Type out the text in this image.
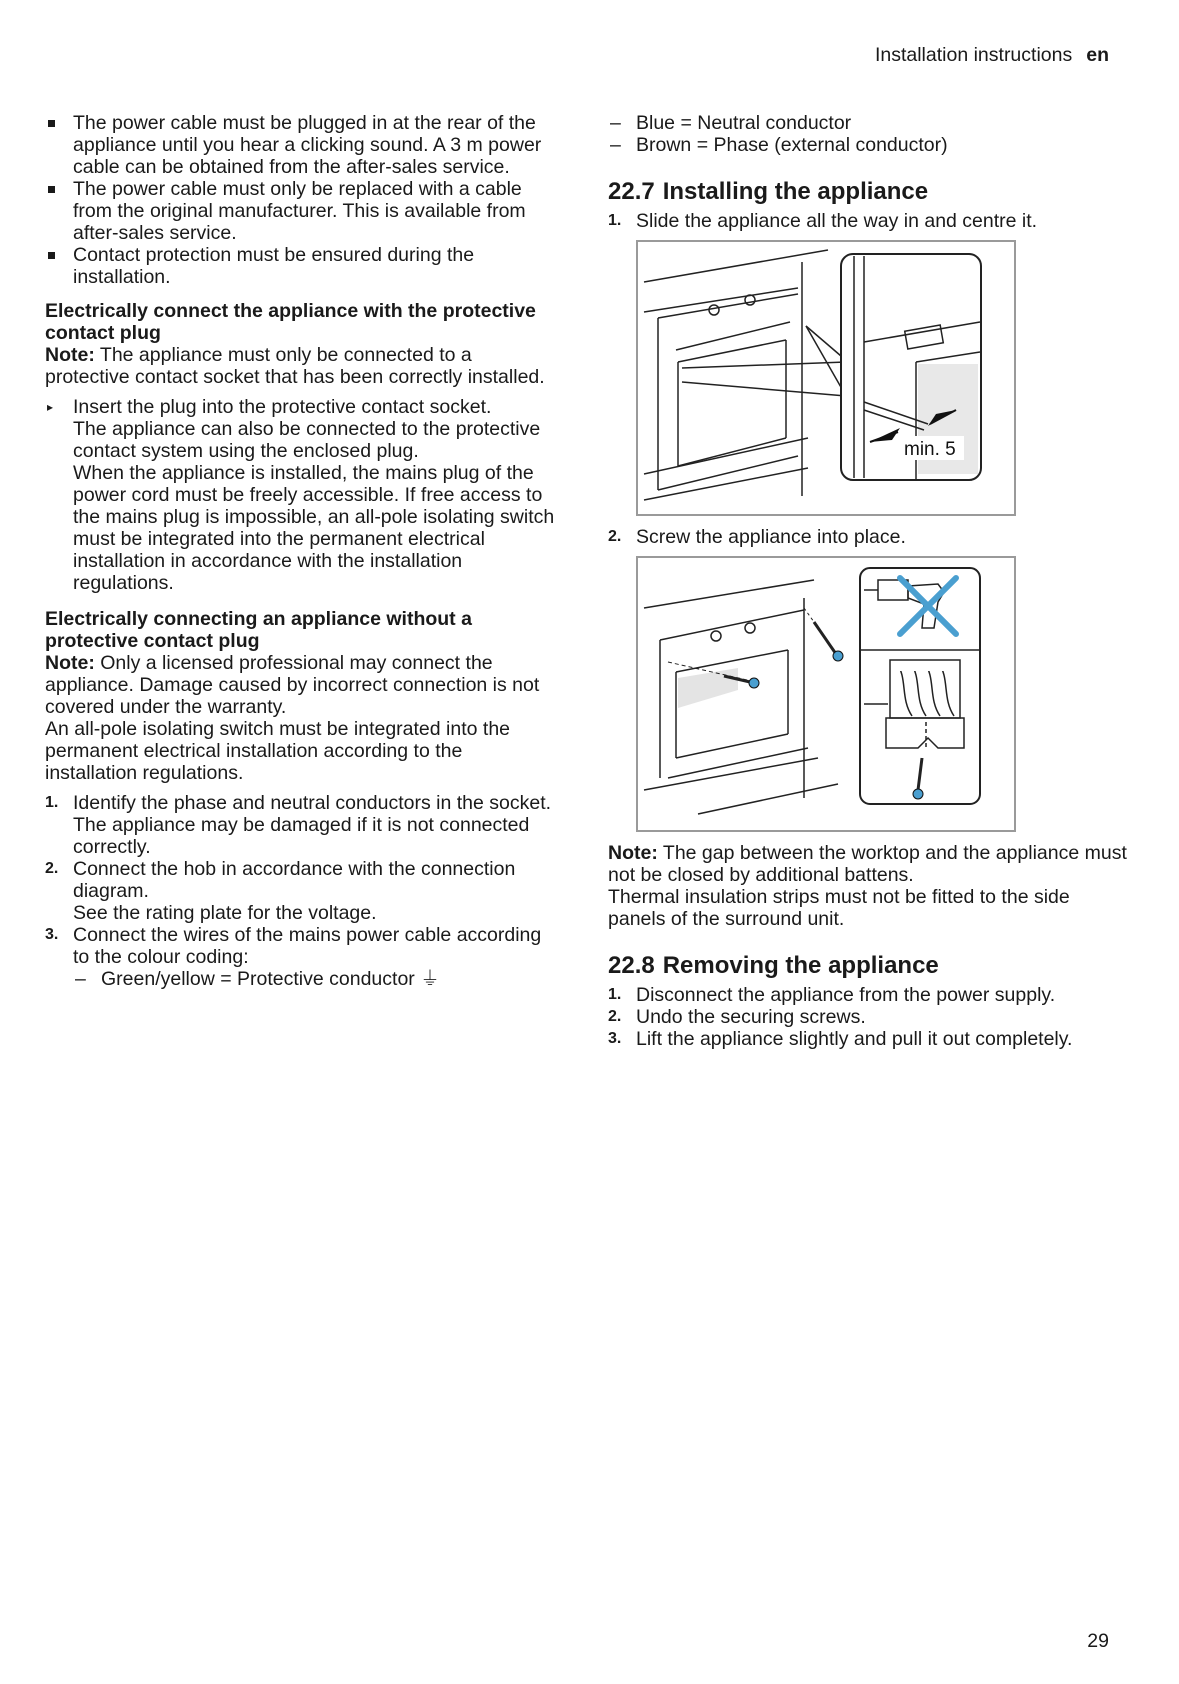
Installation instructions en
The power cable must be plugged in at the rear of the appliance until you hear a clicking sound. A 3 m power cable can be obtained from the after-sales service.
The power cable must only be replaced with a cable from the original manufacturer. This is available from after-sales service.
Contact protection must be ensured during the installation.
Electrically connect the appliance with the protective contact plug
Note: The appliance must only be connected to a protective contact socket that has been correctly installed.
▸ Insert the plug into the protective contact socket.
The appliance can also be connected to the protective contact system using the enclosed plug.
When the appliance is installed, the mains plug of the power cord must be freely accessible. If free access to the mains plug is impossible, an all-pole isolating switch must be integrated into the permanent electrical installation in accordance with the installation regulations.
Electrically connecting an appliance without a protective contact plug
Note: Only a licensed professional may connect the appliance. Damage caused by incorrect connection is not covered under the warranty.
An all-pole isolating switch must be integrated into the permanent electrical installation according to the installation regulations.
1. Identify the phase and neutral conductors in the socket.
The appliance may be damaged if it is not connected correctly.
2. Connect the hob in accordance with the connection diagram.
See the rating plate for the voltage.
3. Connect the wires of the mains power cable according to the colour coding:
– Green/yellow = Protective conductor ⏚
– Blue = Neutral conductor
– Brown = Phase (external conductor)
22.7 Installing the appliance
1. Slide the appliance all the way in and centre it.
min. 5
2. Screw the appliance into place.
Note: The gap between the worktop and the appliance must not be closed by additional battens.
Thermal insulation strips must not be fitted to the side panels of the surround unit.
22.8 Removing the appliance
1. Disconnect the appliance from the power supply.
2. Undo the securing screws.
3. Lift the appliance slightly and pull it out completely.
29
